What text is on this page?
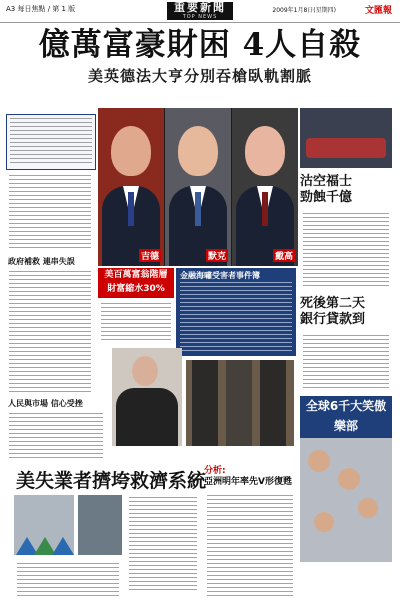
A3 每日焦點 / 第 1 版	重要新聞
TOP NEWS
2009年1月8日(星期四)	文匯報
億萬富豪財困 4人自殺
美英德法大亨分別吞槍臥軌割脈
政府補救 連串失誤
人民與市場 信心受挫
吉德	默克	戴高
美百萬富翁階層
財富縮水30%
金融海嘯受害者事件簿
沽空福士
勁蝕千億
死後第二天
銀行貸款到
全球6千大笑傲樂部
美失業者擠垮救濟系統
分析:
亞洲明年率先V形復甦
